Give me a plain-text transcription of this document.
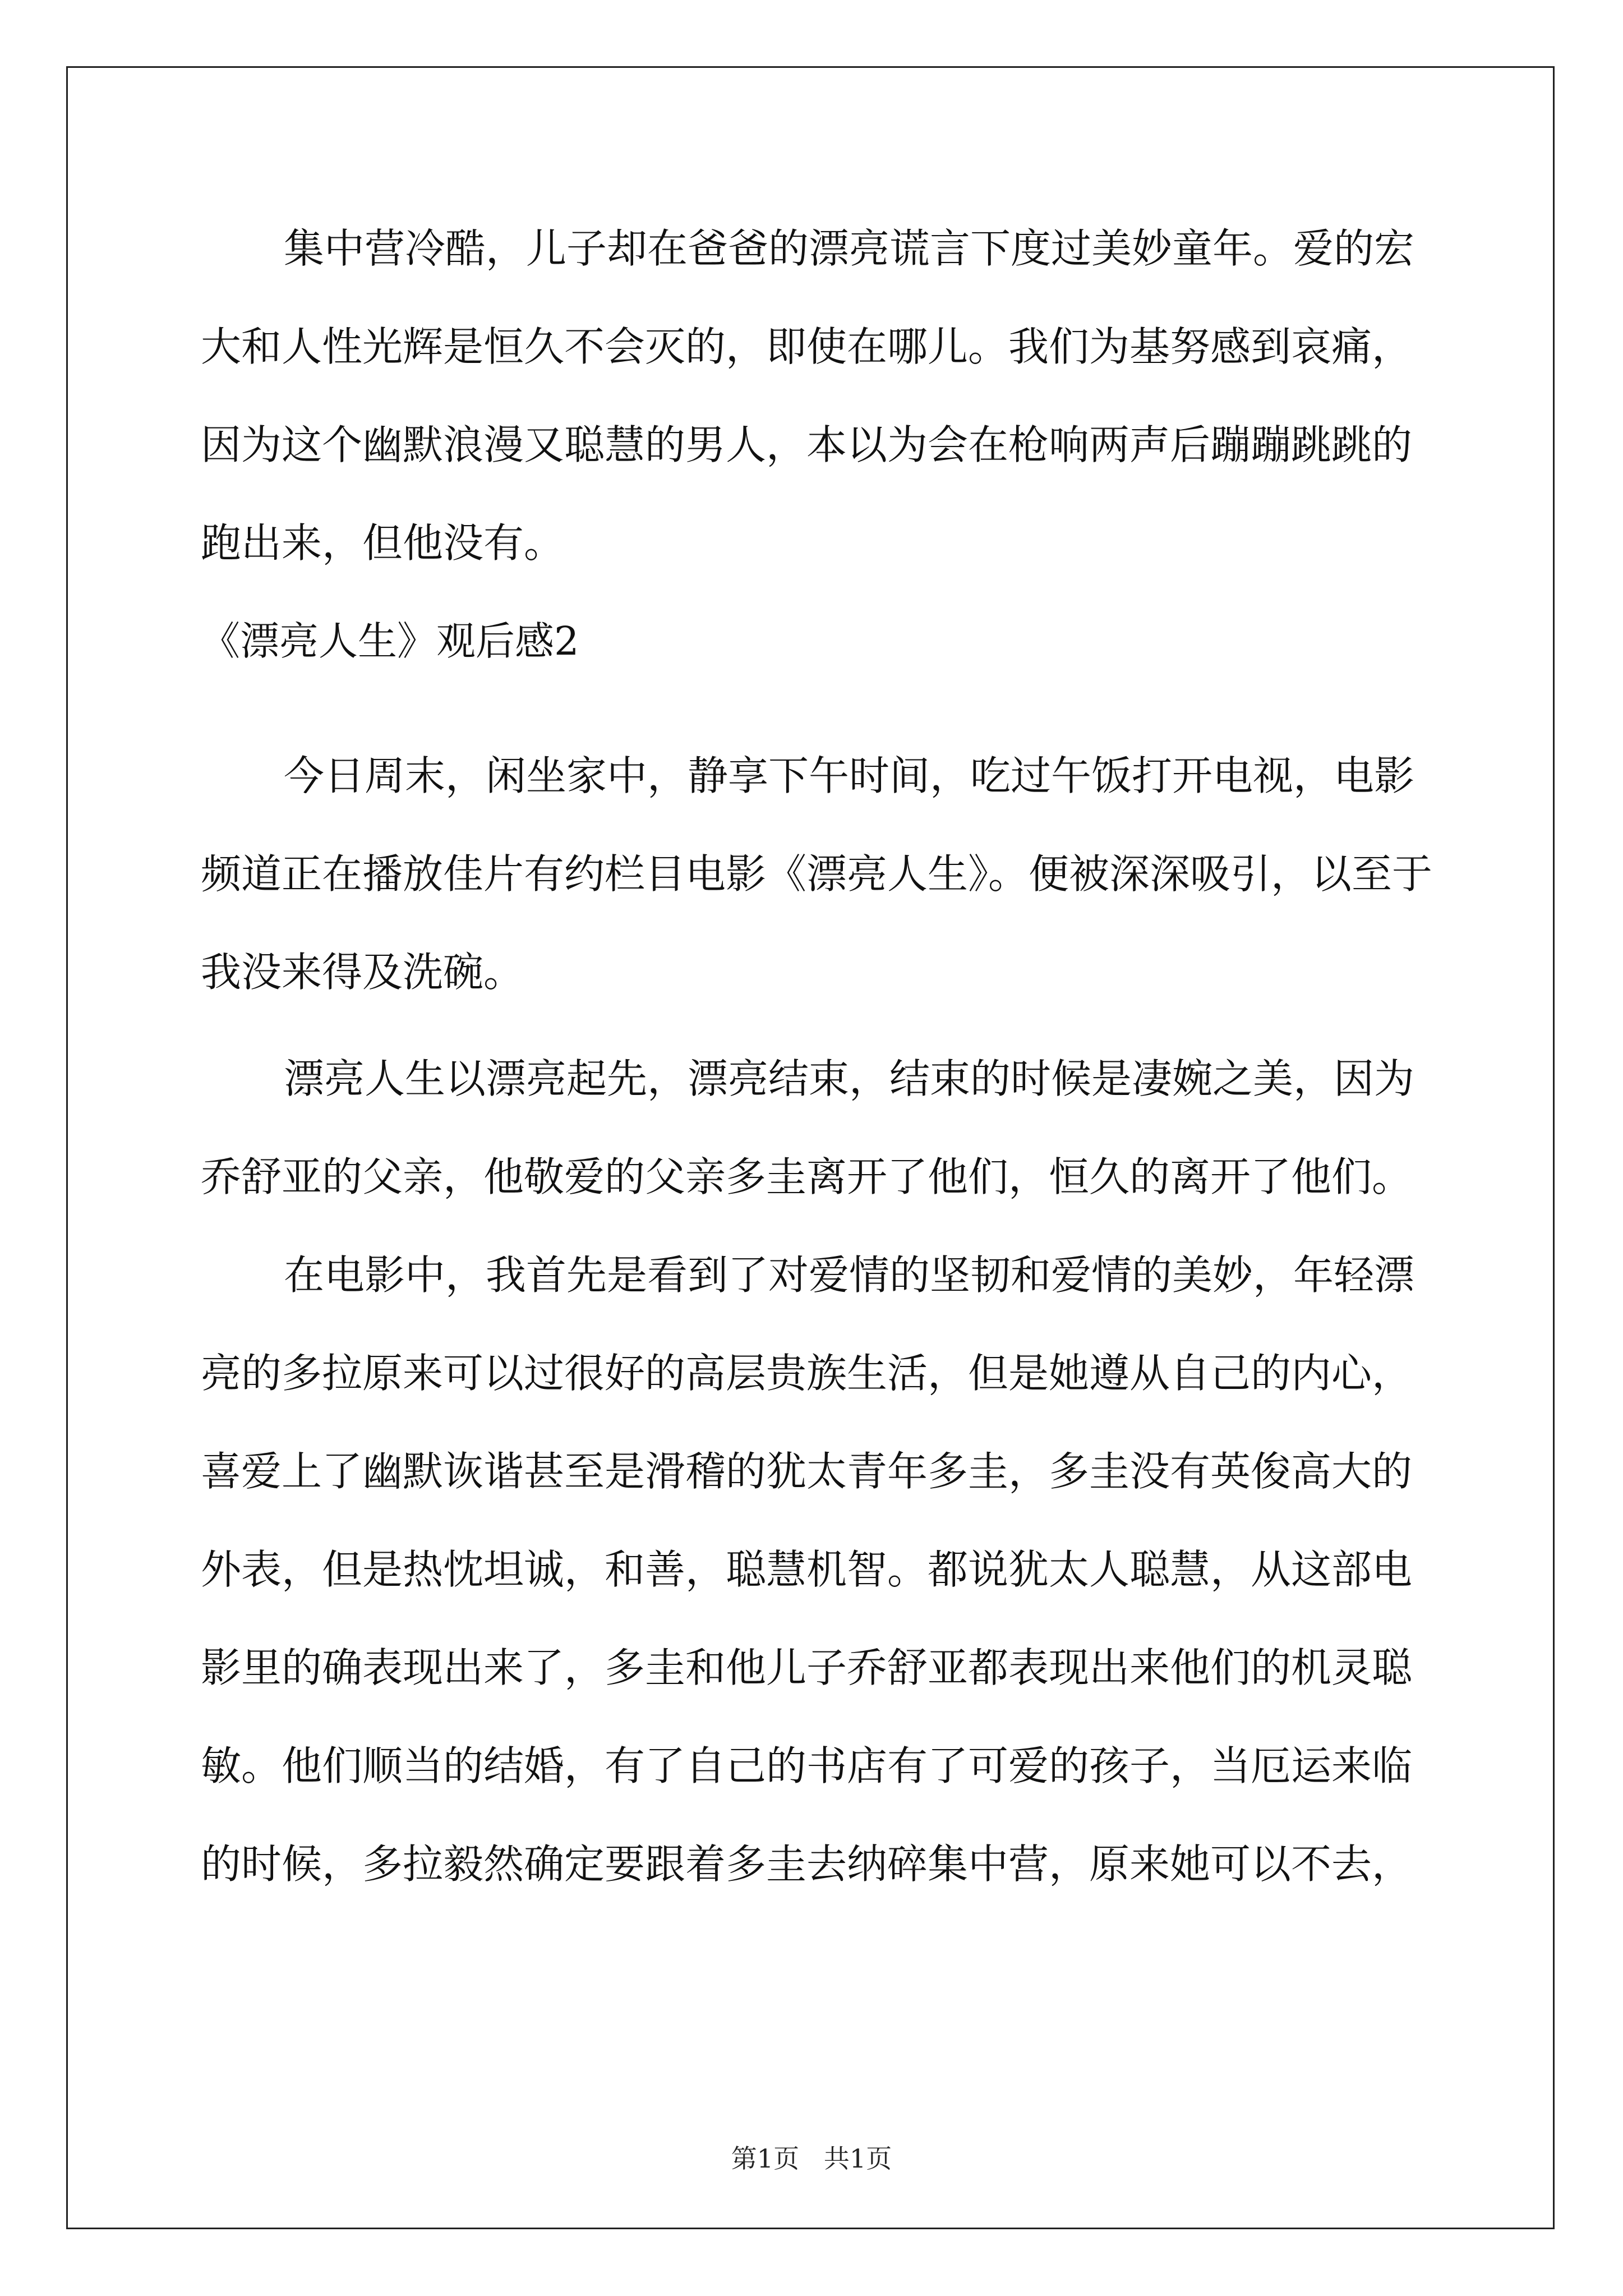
集中营冷酷，儿子却在爸爸的漂亮谎言下度过美妙童年。爱的宏
大和人性光辉是恒久不会灭的，即使在哪儿。我们为基努感到哀痛，
因为这个幽默浪漫又聪慧的男人，本以为会在枪响两声后蹦蹦跳跳的
跑出来，但他没有。
《漂亮人生》观后感2
今日周末，闲坐家中，静享下午时间，吃过午饭打开电视，电影
频道正在播放佳片有约栏目电影《漂亮人生》。便被深深吸引，以至于
我没来得及洗碗。
漂亮人生以漂亮起先，漂亮结束，结束的时候是凄婉之美，因为
乔舒亚的父亲，他敬爱的父亲多圭离开了他们，恒久的离开了他们。
在电影中，我首先是看到了对爱情的坚韧和爱情的美妙，年轻漂
亮的多拉原来可以过很好的高层贵族生活，但是她遵从自己的内心，
喜爱上了幽默诙谐甚至是滑稽的犹太青年多圭，多圭没有英俊高大的
外表，但是热忱坦诚，和善，聪慧机智。都说犹太人聪慧，从这部电
影里的确表现出来了，多圭和他儿子乔舒亚都表现出来他们的机灵聪
敏。他们顺当的结婚，有了自己的书店有了可爱的孩子，当厄运来临
的时候，多拉毅然确定要跟着多圭去纳碎集中营，原来她可以不去，
第1页   共1页
